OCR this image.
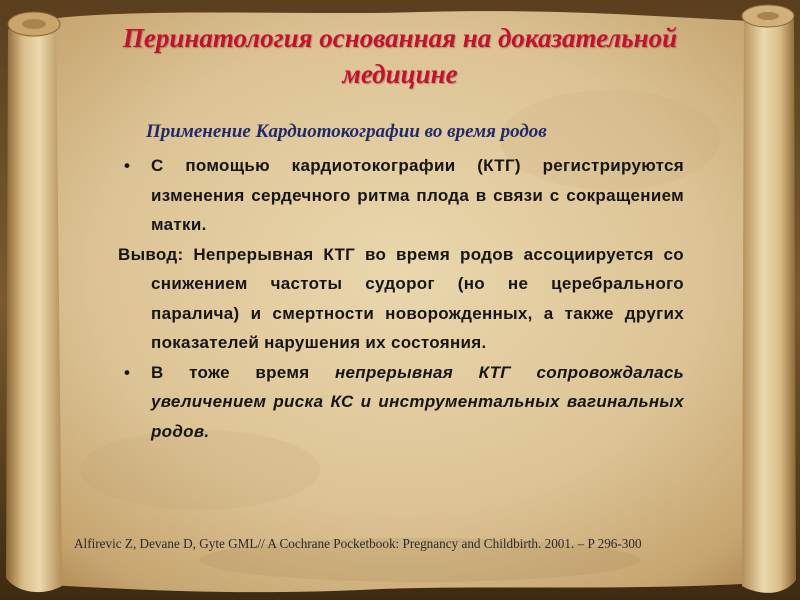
Перинатология основанная на доказательной
медицине
Применение Кардиотокографии во время родов
• С помощью кардиотокографии (КТГ) регистрируются изменения сердечного ритма плода в связи с сокращением матки.
Вывод: Непрерывная КТГ во время родов ассоциируется со снижением частоты судорог (но не церебрального паралича) и смертности новорожденных, а также других показателей нарушения их состояния.
• В тоже время непрерывная КТГ сопровождалась увеличением риска КС и инструментальных вагинальных родов.
Alfirevic Z, Devane D, Gyte GML// A Cochrane Pocketbook: Pregnancy and Childbirth. 2001. – P 296-300
